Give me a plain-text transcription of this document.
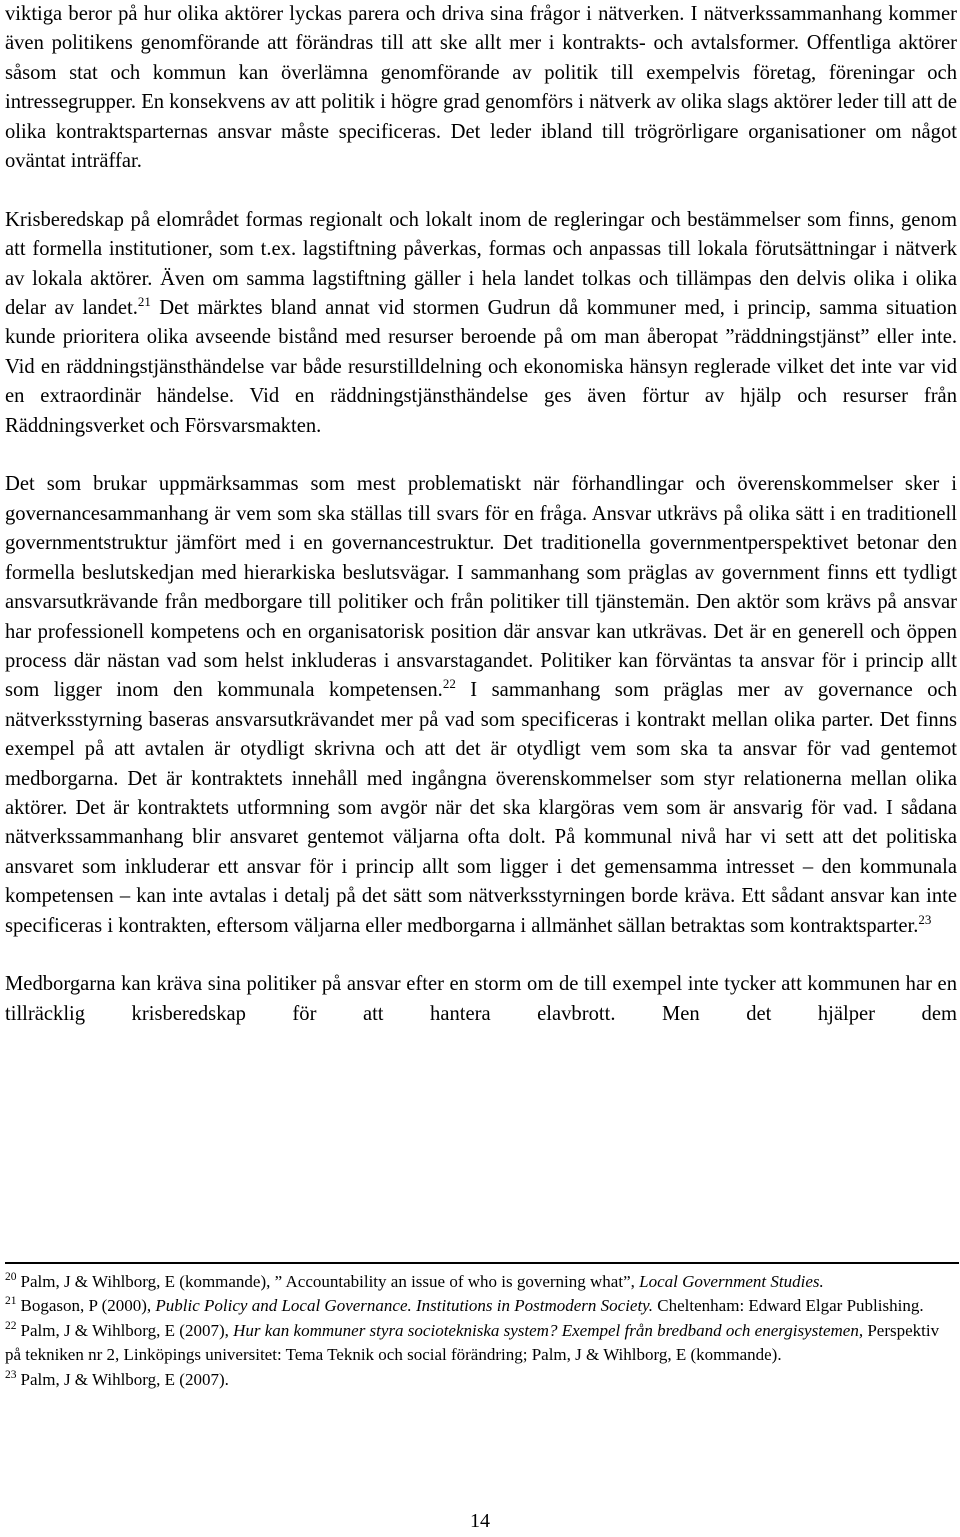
viktiga beror på hur olika aktörer lyckas parera och driva sina frågor i nätverken. I nätverkssammanhang kommer även politikens genomförande att förändras till att ske allt mer i kontrakts- och avtalsformer. Offentliga aktörer såsom stat och kommun kan överlämna genomförande av politik till exempelvis företag, föreningar och intressegrupper. En konsekvens av att politik i högre grad genomförs i nätverk av olika slags aktörer leder till att de olika kontraktsparternas ansvar måste specificeras. Det leder ibland till trögrörligare organisationer om något oväntat inträffar.

Krisberedskap på elområdet formas regionalt och lokalt inom de regleringar och bestämmelser som finns, genom att formella institutioner, som t.ex. lagstiftning påverkas, formas och anpassas till lokala förutsättningar i nätverk av lokala aktörer. Även om samma lagstiftning gäller i hela landet tolkas och tillämpas den delvis olika i olika delar av landet.$^{21}$ Det märktes bland annat vid stormen Gudrun då kommuner med, i princip, samma situation kunde prioritera olika avseende bistånd med resurser beroende på om man åberopat ”räddningstjänst” eller inte. Vid en räddningstjänsthändelse var både resurstilldelning och ekonomiska hänsyn reglerade vilket det inte var vid en extraordinär händelse. Vid en räddningstjänsthändelse ges även förtur av hjälp och resurser från Räddningsverket och Försvarsmakten.

Det som brukar uppmärksammas som mest problematiskt när förhandlingar och överenskommelser sker i governancesammanhang är vem som ska ställas till svars för en fråga. Ansvar utkrävs på olika sätt i en traditionell governmentstruktur jämfört med i en governancestruktur. Det traditionella governmentperspektivet betonar den formella beslutskedjan med hierarkiska beslutsvägar. I sammanhang som präglas av government finns ett tydligt ansvarsutkrävande från medborgare till politiker och från politiker till tjänstemän. Den aktör som krävs på ansvar har professionell kompetens och en organisatorisk position där ansvar kan utkrävas. Det är en generell och öppen process där nästan vad som helst inkluderas i ansvarstagandet. Politiker kan förväntas ta ansvar för i princip allt som ligger inom den kommunala kompetensen.$^{22}$ I sammanhang som präglas mer av governance och nätverksstyrning baseras ansvarsutkrävandet mer på vad som specificeras i kontrakt mellan olika parter. Det finns exempel på att avtalen är otydligt skrivna och att det är otydligt vem som ska ta ansvar för vad gentemot medborgarna. Det är kontraktets innehåll med ingångna överenskommelser som styr relationerna mellan olika aktörer. Det är kontraktets utformning som avgör när det ska klargöras vem som är ansvarig för vad. I sådana nätverkssammanhang blir ansvaret gentemot väljarna ofta dolt. På kommunal nivå har vi sett att det politiska ansvaret som inkluderar ett ansvar för i princip allt som ligger i det gemensamma intresset – den kommunala kompetensen – kan inte avtalas i detalj på det sätt som nätverksstyrningen borde kräva. Ett sådant ansvar kan inte specificeras i kontrakten, eftersom väljarna eller medborgarna i allmänhet sällan betraktas som kontraktsparter.$^{23}$

Medborgarna kan kräva sina politiker på ansvar efter en storm om de till exempel inte tycker att kommunen har en tillräcklig krisberedskap för att hantera elavbrott. Men det hjälper dem

$^{20}$ Palm, J & Wihlborg, E (kommande), ” Accountability an issue of who is governing what”, Local Government Studies.

$^{21}$ Bogason, P (2000), Public Policy and Local Governance. Institutions in Postmodern Society. Cheltenham: Edward Elgar Publishing.

$^{22}$ Palm, J & Wihlborg, E (2007), Hur kan kommuner styra sociotekniska system? Exempel från bredband och energisystemen, Perspektiv på tekniken nr 2, Linköpings universitet: Tema Teknik och social förändring; Palm, J & Wihlborg, E (kommande).

$^{23}$ Palm, J & Wihlborg, E (2007).

14
